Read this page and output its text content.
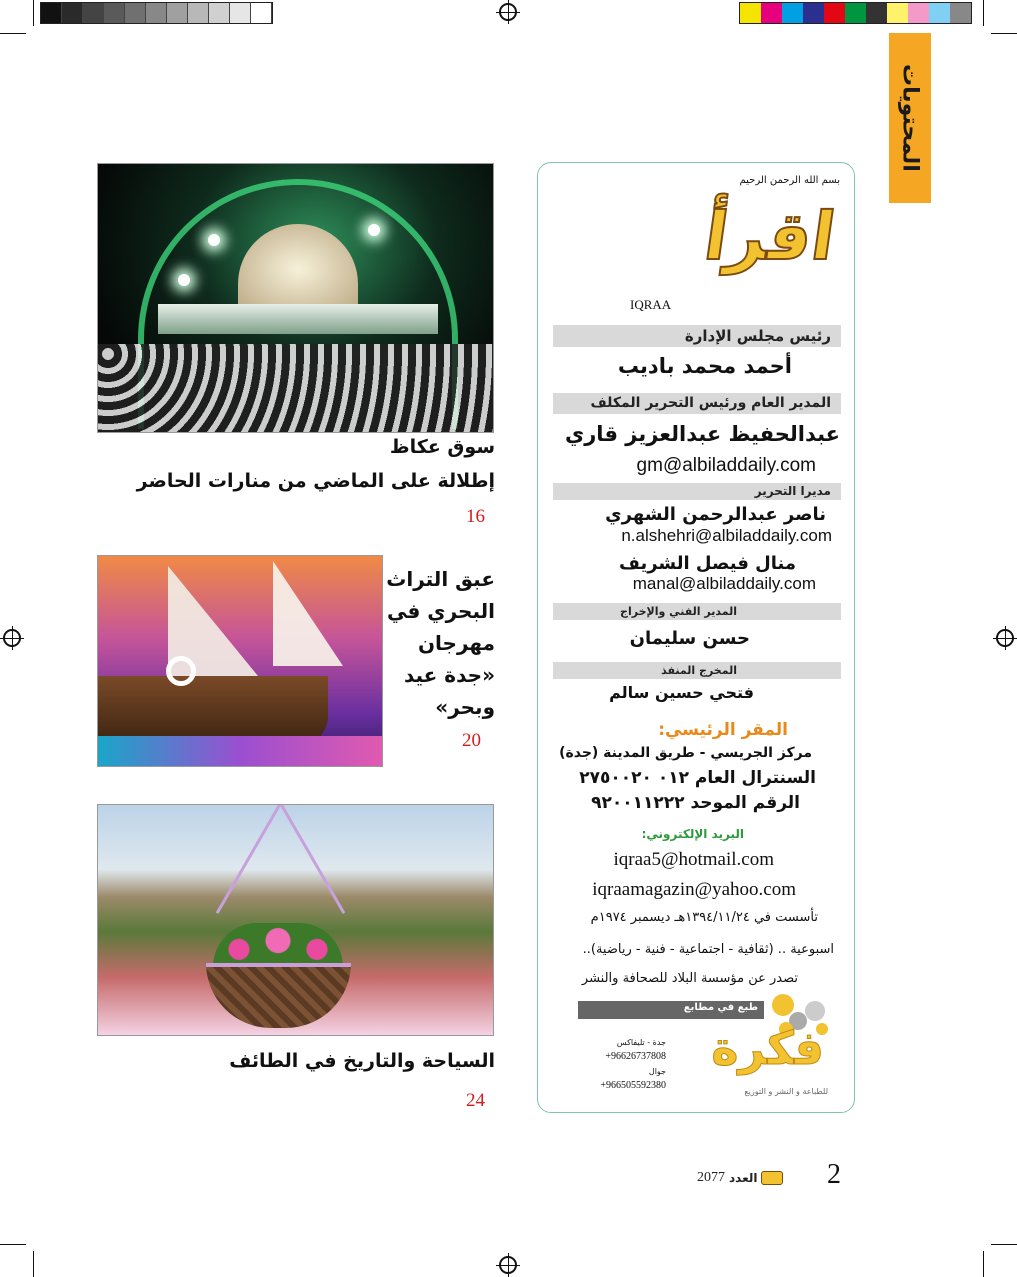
المحتويات
سوق عكاظ
إطلالة على الماضي من منارات الحاضر
16
عبق التراث
البحري في
مهرجان
«جدة عيد
وبحر»
20
السياحة والتاريخ في الطائف
24
بسم الله الرحمن الرحيم
اقرأ
IQRAA
رئيس مجلس الإدارة
أحمد محمد باديب
المدير العام ورئيس التحرير المكلف
عبدالحفيظ عبدالعزيز قاري
gm@albiladdaily.com
مديرا التحرير
ناصر عبدالرحمن الشهري
n.alshehri@albiladdaily.com
منال فيصل الشريف
manal@albiladdaily.com
المدير الفني والإخراج
حسن سليمان
المخرج المنفذ
فتحي حسين سالم
المقر الرئيسي:
مركز الجريسي - طريق المدينة (جدة)
السنترال العام ٠١٢ ٢٧٥٠٠٢٠
الرقم الموحد ٩٢٠٠١١٢٢٢
البريد الإلكتروني:
iqraa5@hotmail.com
iqraamagazin@yahoo.com
تأسست في ١٣٩٤/١١/٢٤هـ ديسمبر ١٩٧٤م
اسبوعية .. (ثقافية - اجتماعية - فنية - رياضية)..
تصدر عن مؤسسة البلاد للصحافة والنشر
طبع في مطابع
فكرة
للطباعة و النشر و التوزيع
جدة - تليفاكس
+96626737808
جوال
+966505592380
2
2077 العدد
